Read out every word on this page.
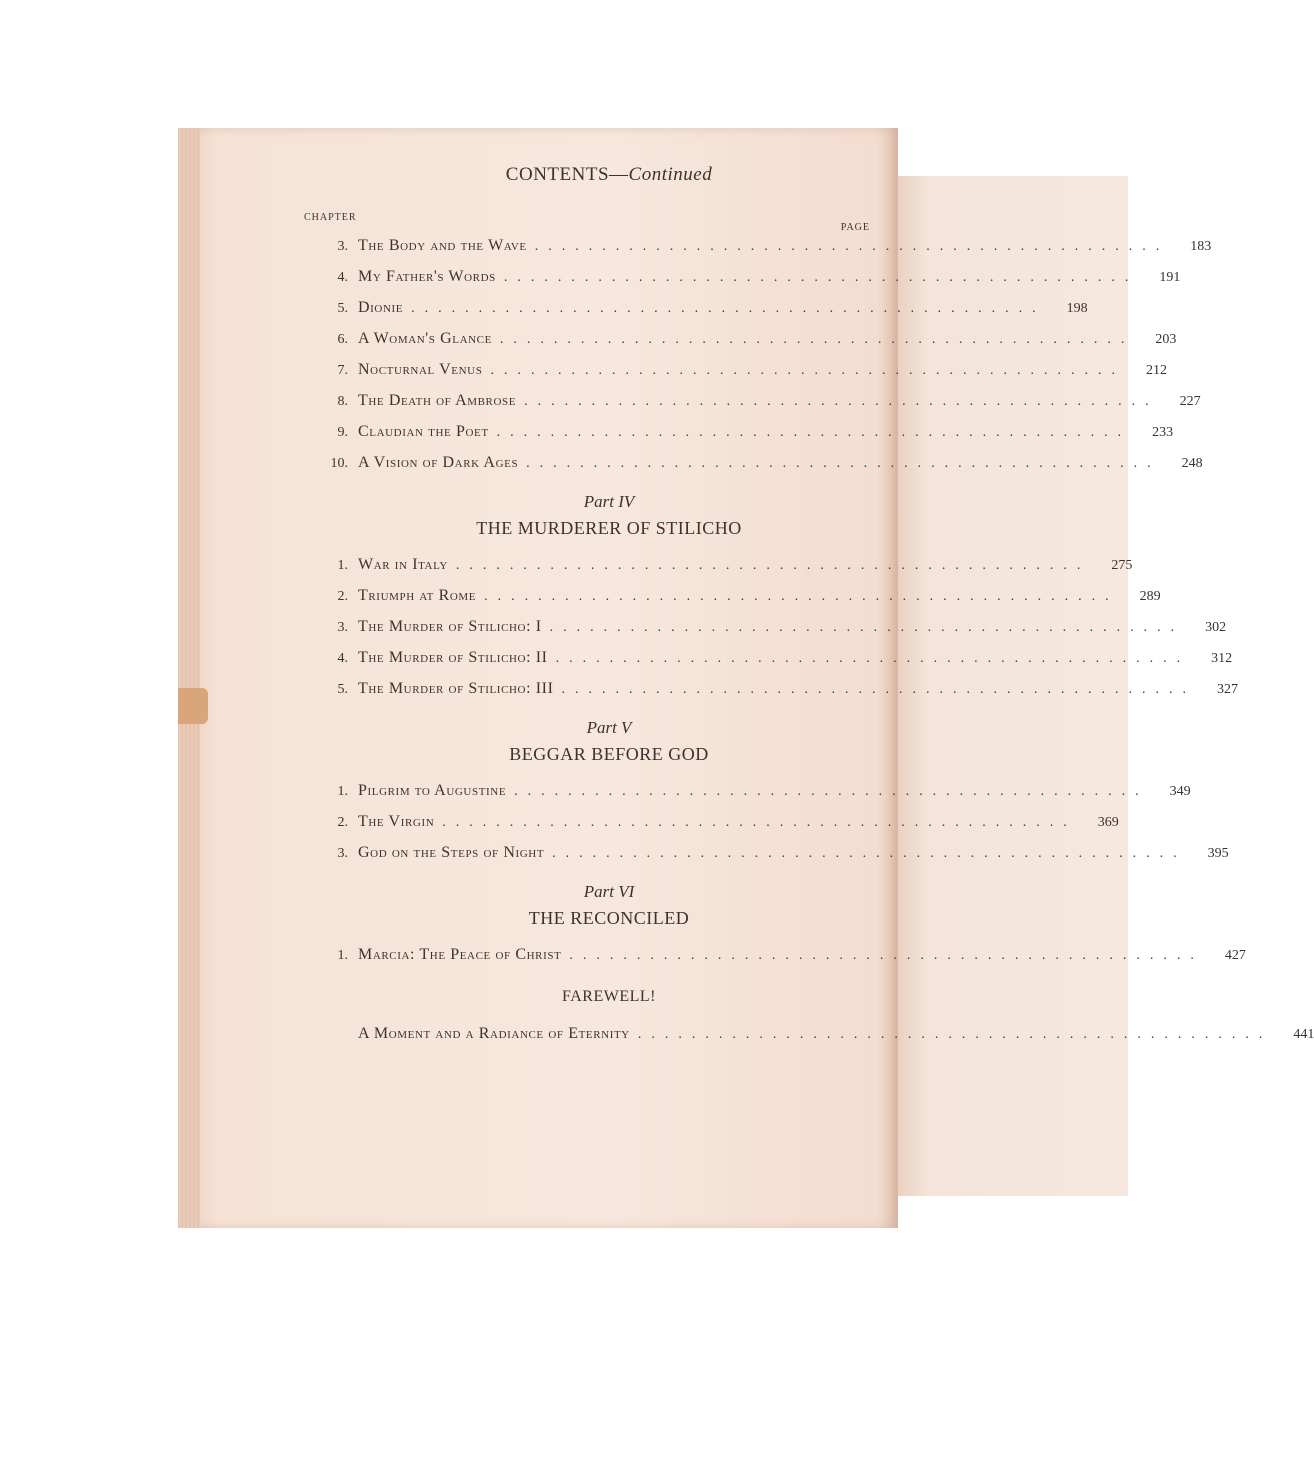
CONTENTS—Continued
CHAPTER
PAGE
3. The Body and the Wave ...............................................	183
4. My Father's Words ...............................................	191
5. Dionie ...............................................	198
6. A Woman's Glance ...............................................	203
7. Nocturnal Venus ...............................................	212
8. The Death of Ambrose ...............................................	227
9. Claudian the Poet ...............................................	233
10. A Vision of Dark Ages ...............................................	248
Part IV
THE MURDERER OF STILICHO
1. War in Italy ...............................................	275
2. Triumph at Rome ...............................................	289
3. The Murder of Stilicho: I ...............................................	302
4. The Murder of Stilicho: II ...............................................	312
5. The Murder of Stilicho: III ...............................................	327
Part V
BEGGAR BEFORE GOD
1. Pilgrim to Augustine ...............................................	349
2. The Virgin ...............................................	369
3. God on the Steps of Night ...............................................	395
Part VI
THE RECONCILED
1. Marcia: The Peace of Christ ...............................................	427
FAREWELL!
A Moment and a Radiance of Eternity ...............................................	441
